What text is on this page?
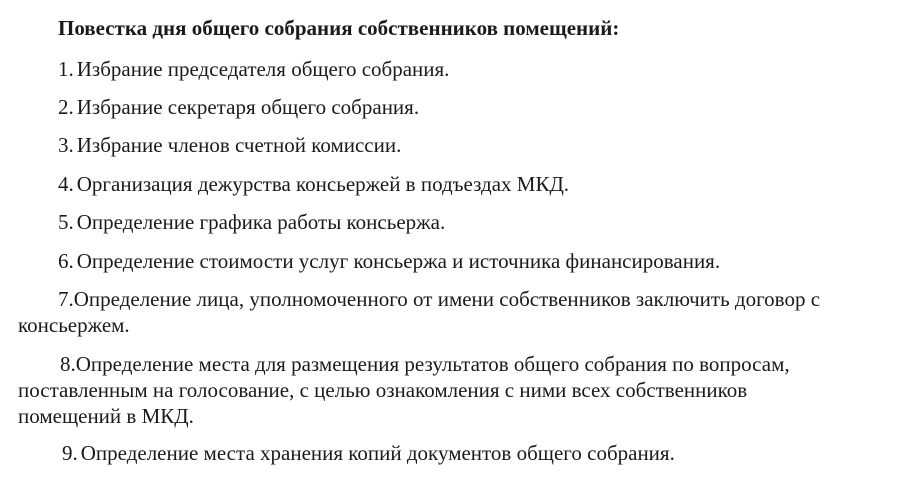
Повестка дня общего собрания собственников помещений:
1. Избрание председателя общего собрания.
2. Избрание секретаря общего собрания.
3. Избрание членов счетной комиссии.
4. Организация дежурства консьержей в подъездах МКД.
5. Определение графика работы консьержа.
6. Определение стоимости услуг консьержа и источника финансирования.
7.Определение лица, уполномоченного от имени собственников заключить договор с
консьержем.
8.Определение места для размещения результатов общего собрания по вопросам,
поставленным на голосование, с целью ознакомления с ними всех собственников
помещений в МКД.
9. Определение места хранения копий документов общего собрания.
